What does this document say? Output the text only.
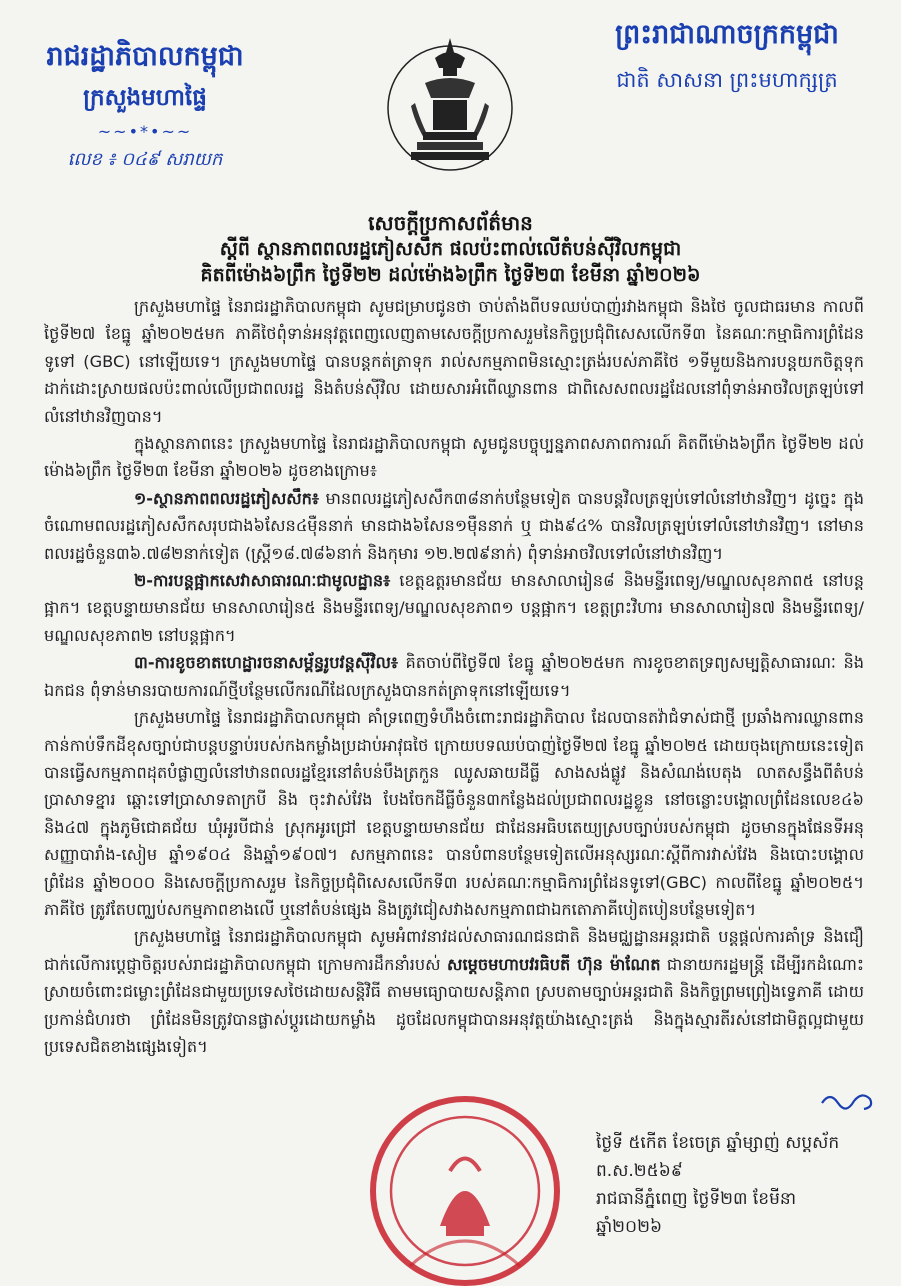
រាជរដ្ឋាភិបាលកម្ពុជា
ក្រសួងមហាផ្ទៃ
~~•*•~~
លេខ ៖ ០៤៩ សរាយក
ព្រះរាជាណាចក្រកម្ពុជា
ជាតិ សាសនា ព្រះមហាក្សត្រ
សេចក្តីប្រកាសព័ត៌មាន
ស្តីពី ស្ថានភាពពលរដ្ឋភៀសសឹក ផលប៉ះពាល់លើតំបន់ស៊ីវិលកម្ពុជា
គិតពីម៉ោង៦ព្រឹក ថ្ងៃទី២២ ដល់ម៉ោង៦ព្រឹក ថ្ងៃទី២៣ ខែមីនា ឆ្នាំ២០២៦

ក្រសួងមហាផ្ទៃ នៃរាជរដ្ឋាភិបាលកម្ពុជា សូមជម្រាបជូនថា ចាប់តាំងពីបទឈប់បាញ់រវាងកម្ពុជា និងថៃ ចូលជាធរមាន កាលពីថ្ងៃទី២៧ ខែធ្នូ ឆ្នាំ២០២៥មក ភាគីថៃពុំទាន់អនុវត្តពេញលេញតាមសេចក្តីប្រកាសរួមនៃកិច្ចប្រជុំពិសេសលើកទី៣ នៃគណៈកម្មាធិការព្រំដែនទូទៅ (GBC) នៅឡើយទេ។ ក្រសួងមហាផ្ទៃ បានបន្តកត់ត្រាទុក រាល់សកម្មភាពមិនស្មោះត្រង់របស់ភាគីថៃ ១ទីមួយនិងការបន្តយកចិត្តទុកដាក់ដោះស្រាយផលប៉ះពាល់លើប្រជាពលរដ្ឋ និងតំបន់ស៊ីវិល ដោយសារអំពើឈ្លានពាន ជាពិសេសពលរដ្ឋដែលនៅពុំទាន់អាចវិលត្រឡប់ទៅលំនៅឋានវិញបាន។

ក្នុងស្ថានភាពនេះ ក្រសួងមហាផ្ទៃ នៃរាជរដ្ឋាភិបាលកម្ពុជា សូមជូនបច្ចុប្បន្នភាពសភាពការណ៍ គិតពីម៉ោង៦ព្រឹក ថ្ងៃទី២២ ដល់ម៉ោង៦ព្រឹក ថ្ងៃទី២៣ ខែមីនា ឆ្នាំ២០២៦ ដូចខាងក្រោម៖

១-ស្ថានភាពពលរដ្ឋភៀសសឹក៖ មានពលរដ្ឋភៀសសឹក៣៨នាក់បន្ថែមទៀត បានបន្តវិលត្រឡប់ទៅលំនៅឋានវិញ។ ដូច្នេះ ក្នុងចំណោមពលរដ្ឋភៀសសឹកសរុបជាង៦សែន៤ម៉ឺននាក់ មានជាង៦សែន១ម៉ឺននាក់ ឬ ជាង៩៤% បានវិលត្រឡប់ទៅលំនៅឋានវិញ។ នៅមានពលរដ្ឋចំនួន៣៦.៧៨២នាក់ទៀត (ស្ត្រី១៨.៧៨៦នាក់ និងកុមារ ១២.២៧៩នាក់) ពុំទាន់អាចវិលទៅលំនៅឋានវិញ។

២-ការបន្តផ្អាកសេវាសាធារណៈជាមូលដ្ឋាន៖ ខេត្តឧត្តរមានជ័យ មានសាលារៀន៨ និងមន្ទីរពេទ្យ/មណ្ឌលសុខភាព៥ នៅបន្តផ្អាក។ ខេត្តបន្ទាយមានជ័យ មានសាលារៀន៥ និងមន្ទីរពេទ្យ/មណ្ឌលសុខភាព១ បន្តផ្អាក។ ខេត្តព្រះវិហារ មានសាលារៀន៧ និងមន្ទីរពេទ្យ/មណ្ឌលសុខភាព២ នៅបន្តផ្អាក។

៣-ការខូចខាតហេដ្ឋារចនាសម្ព័ន្ធរូបវន្តស៊ីវិល៖ គិតចាប់ពីថ្ងៃទី៧ ខែធ្នូ ឆ្នាំ២០២៥មក ការខូចខាតទ្រព្យសម្បត្តិសាធារណៈ និងឯកជន ពុំទាន់មានរបាយការណ៍ថ្មីបន្ថែមលើករណីដែលក្រសួងបានកត់ត្រាទុកនៅឡើយទេ។

ក្រសួងមហាផ្ទៃ នៃរាជរដ្ឋាភិបាលកម្ពុជា គាំទ្រពេញទំហឹងចំពោះរាជរដ្ឋាភិបាល ដែលបានតវ៉ាជំទាស់ជាថ្មី ប្រឆាំងការឈ្លានពានកាន់កាប់ទឹកដីខុសច្បាប់ជាបន្តបន្ទាប់របស់កងកម្លាំងប្រដាប់អាវុធថៃ ក្រោយបទឈប់បាញ់ថ្ងៃទី២៧ ខែធ្នូ ឆ្នាំ២០២៥ ដោយចុងក្រោយនេះទៀត បានធ្វើសកម្មភាពដុតបំផ្លាញលំនៅឋានពលរដ្ឋខ្មែរនៅតំបន់បឹងត្រកួន ឈូសឆាយដីធ្លី សាងសង់ផ្លូវ និងសំណង់បេតុង លាតសន្ធឹងពីតំបន់ប្រាសាទខ្នារ ឆ្ពោះទៅប្រាសាទតាក្របី និង ចុះវាស់វែង បែងចែកដីធ្លីចំនួន៣កន្លែងដល់ប្រជាពលរដ្ឋខ្លួន នៅចន្លោះបង្គោលព្រំដែនលេខ៤៦ និង៤៧ ក្នុងភូមិជោគជ័យ ឃុំអូរបីជាន់ ស្រុកអូរជ្រៅ ខេត្តបន្ទាយមានជ័យ ជាដែនអធិបតេយ្យស្របច្បាប់របស់កម្ពុជា ដូចមានក្នុងផែនទីអនុសញ្ញាបារាំង-សៀម ឆ្នាំ១៩០៤ និងឆ្នាំ១៩០៧។ សកម្មភាពនេះ បានបំពានបន្ថែមទៀតលើអនុស្សរណៈស្តីពីការវាស់វែង និងបោះបង្គោលព្រំដែន ឆ្នាំ២០០០ និងសេចក្តីប្រកាសរួម នៃកិច្ចប្រជុំពិសេសលើកទី៣ របស់គណៈកម្មាធិការព្រំដែនទូទៅ(GBC) កាលពីខែធ្នូ ឆ្នាំ២០២៥។ ភាគីថៃ ត្រូវតែបញ្ឈប់សកម្មភាពខាងលើ ឬនៅតំបន់ផ្សេង និងត្រូវជៀសវាងសកម្មភាពជាឯកតោភាគីបៀតបៀនបន្ថែមទៀត។

ក្រសួងមហាផ្ទៃ នៃរាជរដ្ឋាភិបាលកម្ពុជា សូមអំពាវនាវដល់សាធារណជនជាតិ និងមជ្ឈដ្ឋានអន្តរជាតិ បន្តផ្តល់ការគាំទ្រ និងជឿជាក់លើការប្តេជ្ញាចិត្តរបស់រាជរដ្ឋាភិបាលកម្ពុជា ក្រោមការដឹកនាំរបស់ សម្តេចមហាបវរធិបតី ហ៊ុន ម៉ាណែត ជានាយករដ្ឋមន្ត្រី ដើម្បីរកដំណោះស្រាយចំពោះជម្លោះព្រំដែនជាមួយប្រទេសថៃដោយសន្តិវិធី តាមមធ្យោបាយសន្តិភាព ស្របតាមច្បាប់អន្តរជាតិ និងកិច្ចព្រមព្រៀងទ្វេភាគី ដោយប្រកាន់ជំហរថា ព្រំដែនមិនត្រូវបានផ្លាស់ប្តូរដោយកម្លាំង ដូចដែលកម្ពុជាបានអនុវត្តយ៉ាងស្មោះត្រង់ និងក្នុងស្មារតីរស់នៅជាមិត្តល្អជាមួយប្រទេសជិតខាងផ្សេងទៀត។

ថ្ងៃទី ៥កើត ខែចេត្រ ឆ្នាំម្សាញ់ សប្តស័ក ព.ស.២៥៦៩
រាជធានីភ្នំពេញ ថ្ងៃទី២៣ ខែមីនា ឆ្នាំ២០២៦
